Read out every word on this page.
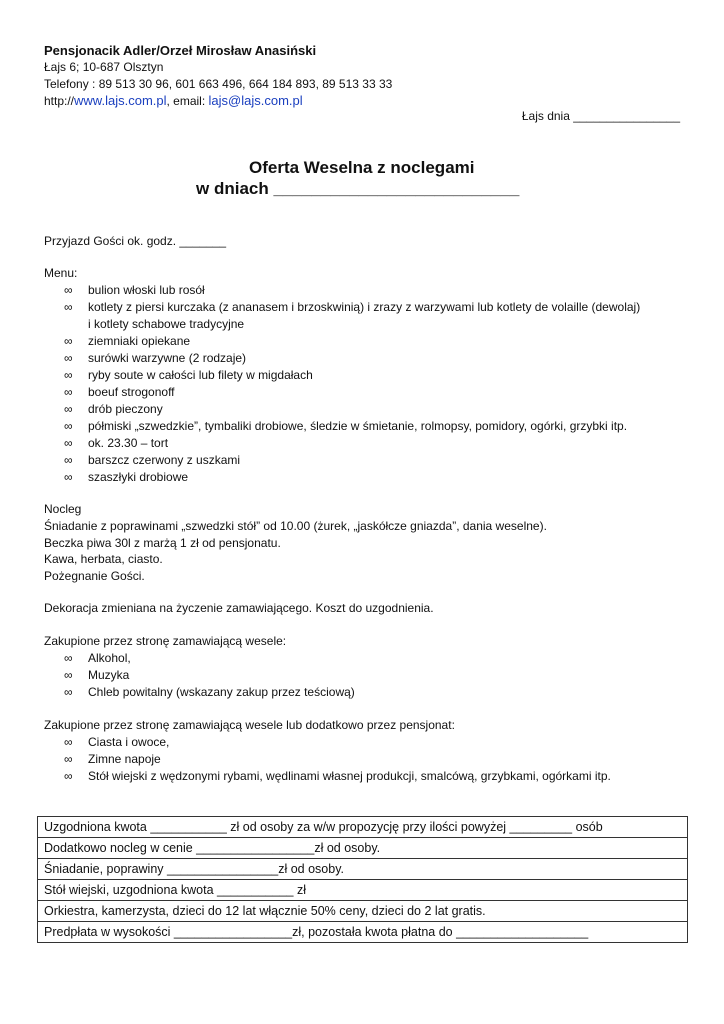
Pensjonacik Adler/Orzeł Mirosław Anasiński
Łajs 6; 10-687 Olsztyn
Telefony : 89 513 30 96, 601 663 496, 664 184 893, 89 513 33 33
http://www.lajs.com.pl, email: lajs@lajs.com.pl
Łajs dnia ________________
Oferta Weselna z noclegami
w dniach __________________________
Przyjazd Gości ok. godz. _______
Menu:
∞ bulion włoski lub rosół
∞ kotlety z piersi kurczaka (z ananasem i brzoskwinią) i zrazy z warzywami lub kotlety de volaille (dewolaj)
i kotlety schabowe tradycyjne
∞ ziemniaki opiekane
∞ surówki warzywne (2 rodzaje)
∞ ryby soute w całości lub filety w migdałach
∞ boeuf strogonoff
∞ drób pieczony
∞ półmiski „szwedzkie”, tymbaliki drobiowe, śledzie w śmietanie, rolmopsy, pomidory, ogórki, grzybki itp.
∞ ok. 23.30 – tort
∞ barszcz czerwony z uszkami
∞ szaszłyki drobiowe
Nocleg
Śniadanie z poprawinami „szwedzki stół” od 10.00 (żurek, „jaskółcze gniazda”, dania weselne).
Beczka piwa 30l z marżą 1 zł od pensjonatu.
Kawa, herbata, ciasto.
Pożegnanie Gości.
Dekoracja zmieniana na życzenie zamawiającego. Koszt do uzgodnienia.
Zakupione przez stronę zamawiającą wesele:
∞ Alkohol,
∞ Muzyka
∞ Chleb powitalny (wskazany zakup przez teściową)
Zakupione przez stronę zamawiającą wesele lub dodatkowo przez pensjonat:
∞ Ciasta i owoce,
∞ Zimne napoje
∞ Stół wiejski z wędzonymi rybami, wędlinami własnej produkcji, smalcówą, grzybkami, ogórkami itp.
Uzgodniona kwota ___________ zł od osoby za w/w propozycję przy ilości powyżej _________ osób
Dodatkowo nocleg w cenie _________________zł od osoby.
Śniadanie, poprawiny ________________zł od osoby.
Stół wiejski, uzgodniona kwota ___________ zł
Orkiestra, kamerzysta, dzieci do 12 lat włącznie 50% ceny, dzieci do 2 lat gratis.
Predpłata w wysokości _________________zł, pozostała kwota płatna do ___________________
